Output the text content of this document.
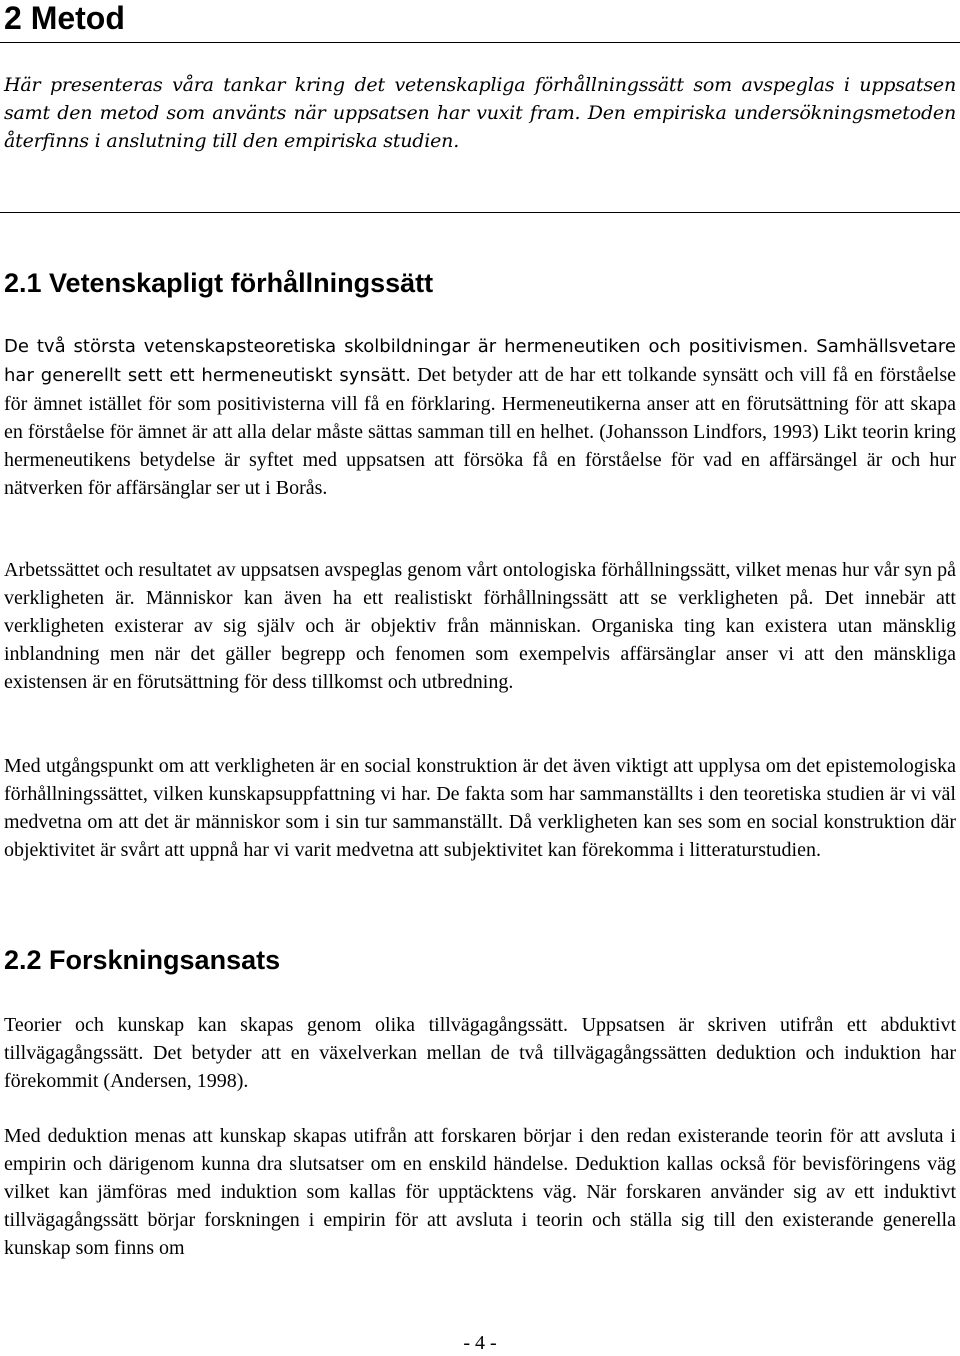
2 Metod

Här presenteras våra tankar kring det vetenskapliga förhållningssätt som avspeglas i uppsatsen samt den metod som använts när uppsatsen har vuxit fram. Den empiriska undersökningsmetoden återfinns i anslutning till den empiriska studien.

2.1 Vetenskapligt förhållningssätt

De två största vetenskapsteoretiska skolbildningar är hermeneutiken och positivismen. Samhällsvetare har generellt sett ett hermeneutiskt synsätt. Det betyder att de har ett tolkande synsätt och vill få en förståelse för ämnet istället för som positivisterna vill få en förklaring. Hermeneutikerna anser att en förutsättning för att skapa en förståelse för ämnet är att alla delar måste sättas samman till en helhet. (Johansson Lindfors, 1993) Likt teorin kring hermeneutikens betydelse är syftet med uppsatsen att försöka få en förståelse för vad en affärsängel är och hur nätverken för affärsänglar ser ut i Borås.

Arbetssättet och resultatet av uppsatsen avspeglas genom vårt ontologiska förhållningssätt, vilket menas hur vår syn på verkligheten är. Människor kan även ha ett realistiskt förhållningssätt att se verkligheten på. Det innebär att verkligheten existerar av sig själv och är objektiv från människan. Organiska ting kan existera utan mänsklig inblandning men när det gäller begrepp och fenomen som exempelvis affärsänglar anser vi att den mänskliga existensen är en förutsättning för dess tillkomst och utbredning.

Med utgångspunkt om att verkligheten är en social konstruktion är det även viktigt att upplysa om det epistemologiska förhållningssättet, vilken kunskapsuppfattning vi har. De fakta som har sammanställts i den teoretiska studien är vi väl medvetna om att det är människor som i sin tur sammanställt. Då verkligheten kan ses som en social konstruktion där objektivitet är svårt att uppnå har vi varit medvetna att subjektivitet kan förekomma i litteraturstudien.

2.2 Forskningsansats

Teorier och kunskap kan skapas genom olika tillvägagångssätt. Uppsatsen är skriven utifrån ett abduktivt tillvägagångssätt. Det betyder att en växelverkan mellan de två tillvägagångssätten deduktion och induktion har förekommit (Andersen, 1998).

Med deduktion menas att kunskap skapas utifrån att forskaren börjar i den redan existerande teorin för att avsluta i empirin och därigenom kunna dra slutsatser om en enskild händelse. Deduktion kallas också för bevisföringens väg vilket kan jämföras med induktion som kallas för upptäcktens väg. När forskaren använder sig av ett induktivt tillvägagångssätt börjar forskningen i empirin för att avsluta i teorin och ställa sig till den existerande generella kunskap som finns om

- 4 -
